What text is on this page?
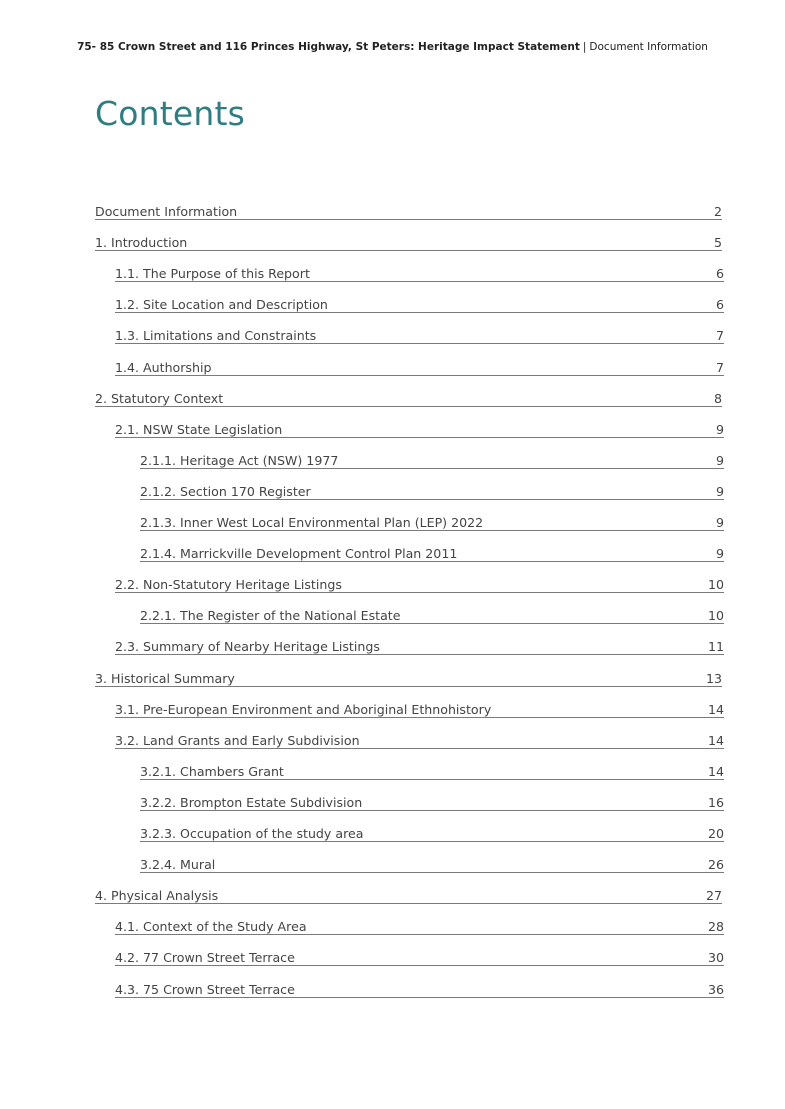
75- 85 Crown Street and 116 Princes Highway, St Peters: Heritage Impact Statement | Document Information
Contents
Document Information	2
1. Introduction	5
1.1. The Purpose of this Report	6
1.2. Site Location and Description	6
1.3. Limitations and Constraints	7
1.4. Authorship	7
2. Statutory Context	8
2.1. NSW State Legislation	9
2.1.1. Heritage Act (NSW) 1977	9
2.1.2. Section 170 Register	9
2.1.3. Inner West Local Environmental Plan (LEP) 2022	9
2.1.4. Marrickville Development Control Plan 2011	9
2.2. Non-Statutory Heritage Listings	10
2.2.1. The Register of the National Estate	10
2.3. Summary of Nearby Heritage Listings	11
3. Historical Summary	13
3.1. Pre-European Environment and Aboriginal Ethnohistory	14
3.2. Land Grants and Early Subdivision	14
3.2.1. Chambers Grant	14
3.2.2. Brompton Estate Subdivision	16
3.2.3. Occupation of the study area	20
3.2.4. Mural	26
4. Physical Analysis	27
4.1. Context of the Study Area	28
4.2. 77 Crown Street Terrace	30
4.3. 75 Crown Street Terrace	36
